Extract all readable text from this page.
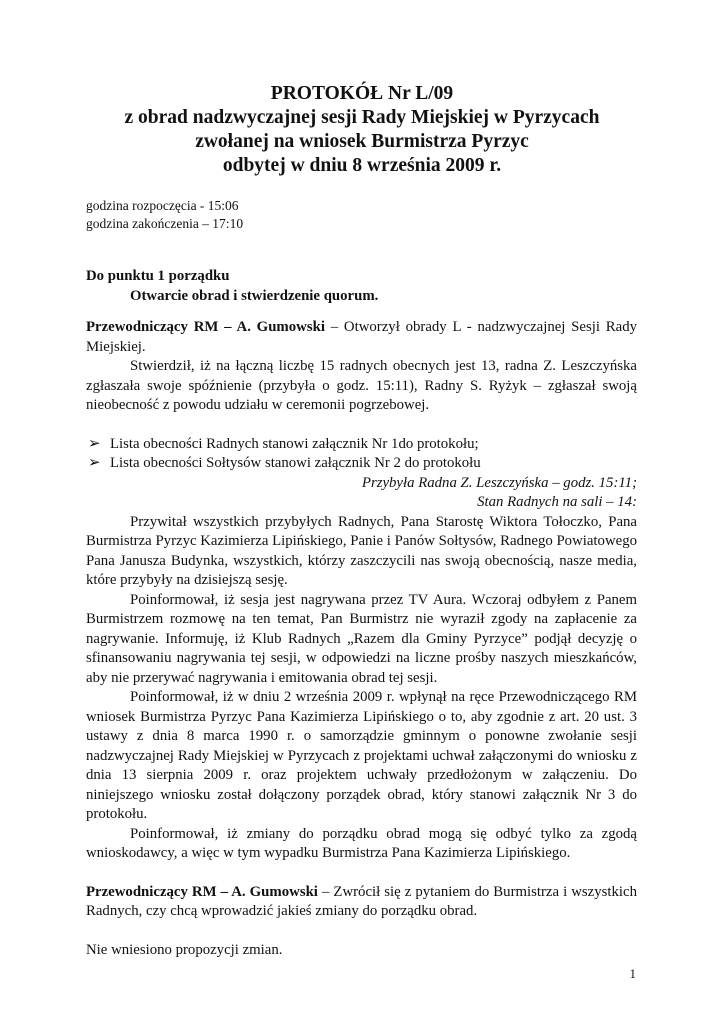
PROTOKÓŁ Nr L/09
z obrad nadzwyczajnej sesji Rady Miejskiej w Pyrzycach
zwołanej na wniosek Burmistrza Pyrzyc
odbytej w dniu 8 września 2009 r.
godzina rozpoczęcia - 15:06
godzina zakończenia – 17:10

Do punktu 1 porządku

Otwarcie obrad i stwierdzenie quorum.

Przewodniczący RM – A. Gumowski – Otworzył obrady L - nadzwyczajnej Sesji Rady Miejskiej.

Stwierdził, iż na łączną liczbę 15 radnych obecnych jest 13, radna Z. Leszczyńska zgłaszała swoje spóźnienie (przybyła o godz. 15:11), Radny S. Ryżyk – zgłaszał swoją nieobecność z powodu udziału w ceremonii pogrzebowej.

➢ Lista obecności Radnych stanowi załącznik Nr 1do protokołu;
➢ Lista obecności Sołtysów stanowi załącznik Nr 2 do protokołu

Przybyła Radna Z. Leszczyńska – godz. 15:11;

Stan Radnych na sali – 14:

Przywitał wszystkich przybyłych Radnych, Pana Starostę Wiktora Tołoczko, Pana Burmistrza Pyrzyc Kazimierza Lipińskiego, Panie i Panów Sołtysów, Radnego Powiatowego Pana Janusza Budynka, wszystkich, którzy zaszczycili nas swoją obecnością, nasze media, które przybyły na dzisiejszą sesję.

Poinformował, iż sesja jest nagrywana przez TV Aura. Wczoraj odbyłem z Panem Burmistrzem rozmowę na ten temat, Pan Burmistrz nie wyraził zgody na zapłacenie za nagrywanie. Informuję, iż Klub Radnych „Razem dla Gminy Pyrzyce” podjął decyzję o sfinansowaniu nagrywania tej sesji, w odpowiedzi na liczne prośby naszych mieszkańców, aby nie przerywać nagrywania i emitowania obrad tej sesji.

Poinformował, iż w dniu 2 września 2009 r. wpłynął na ręce Przewodniczącego RM wniosek Burmistrza Pyrzyc Pana Kazimierza Lipińskiego o to, aby zgodnie z art. 20 ust. 3 ustawy z dnia 8 marca 1990 r. o samorządzie gminnym o ponowne zwołanie sesji nadzwyczajnej Rady Miejskiej w Pyrzycach z projektami uchwał załączonymi do wniosku z dnia 13 sierpnia 2009 r. oraz projektem uchwały przedłożonym w załączeniu. Do niniejszego wniosku został dołączony porządek obrad, który stanowi załącznik Nr 3 do protokołu.

Poinformował, iż zmiany do porządku obrad mogą się odbyć tylko za zgodą wnioskodawcy, a więc w tym wypadku Burmistrza Pana Kazimierza Lipińskiego.

Przewodniczący RM – A. Gumowski – Zwrócił się z pytaniem do Burmistrza i wszystkich Radnych, czy chcą wprowadzić jakieś zmiany do porządku obrad.

Nie wniesiono propozycji zmian.

1
